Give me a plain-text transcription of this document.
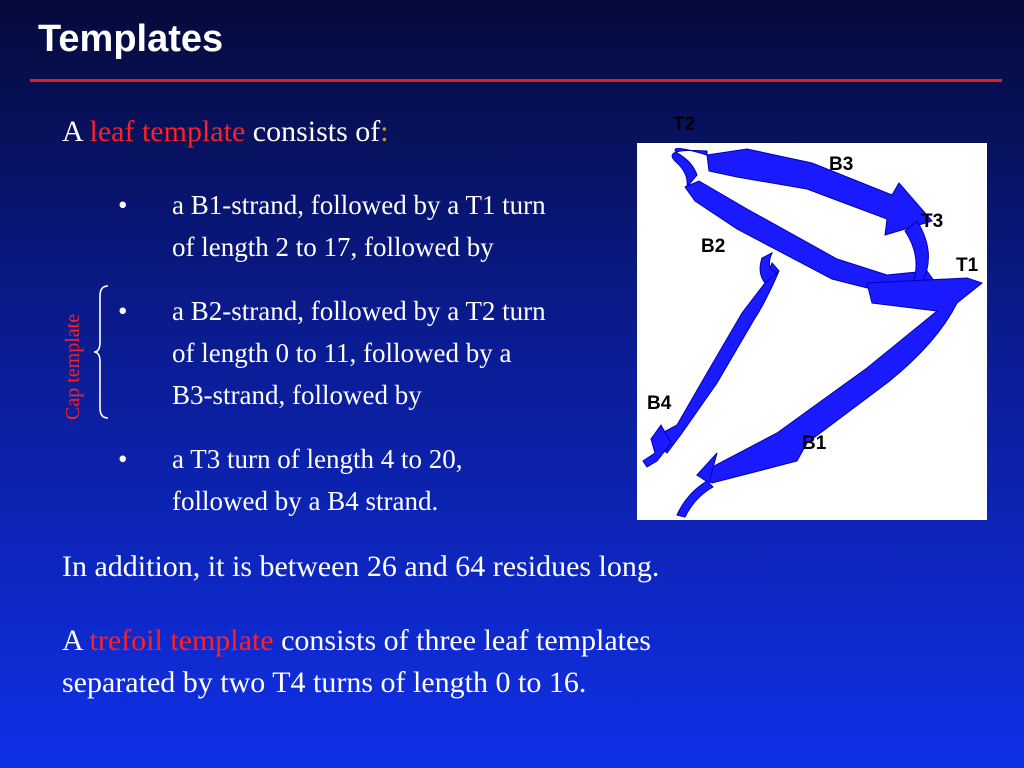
Templates
A leaf template consists of:
• a B1-strand, followed by a T1 turn
of length 2 to 17, followed by
• a B2-strand, followed by a T2 turn
of length 0 to 11, followed by a
B3-strand, followed by
• a T3 turn of length 4 to 20,
followed by a B4 strand.
Cap template
T2
B3
T3
B2
T1
B4
B1
In addition, it is between 26 and 64 residues long.
A trefoil template consists of three leaf templates
separated by two T4 turns of length 0 to 16.
